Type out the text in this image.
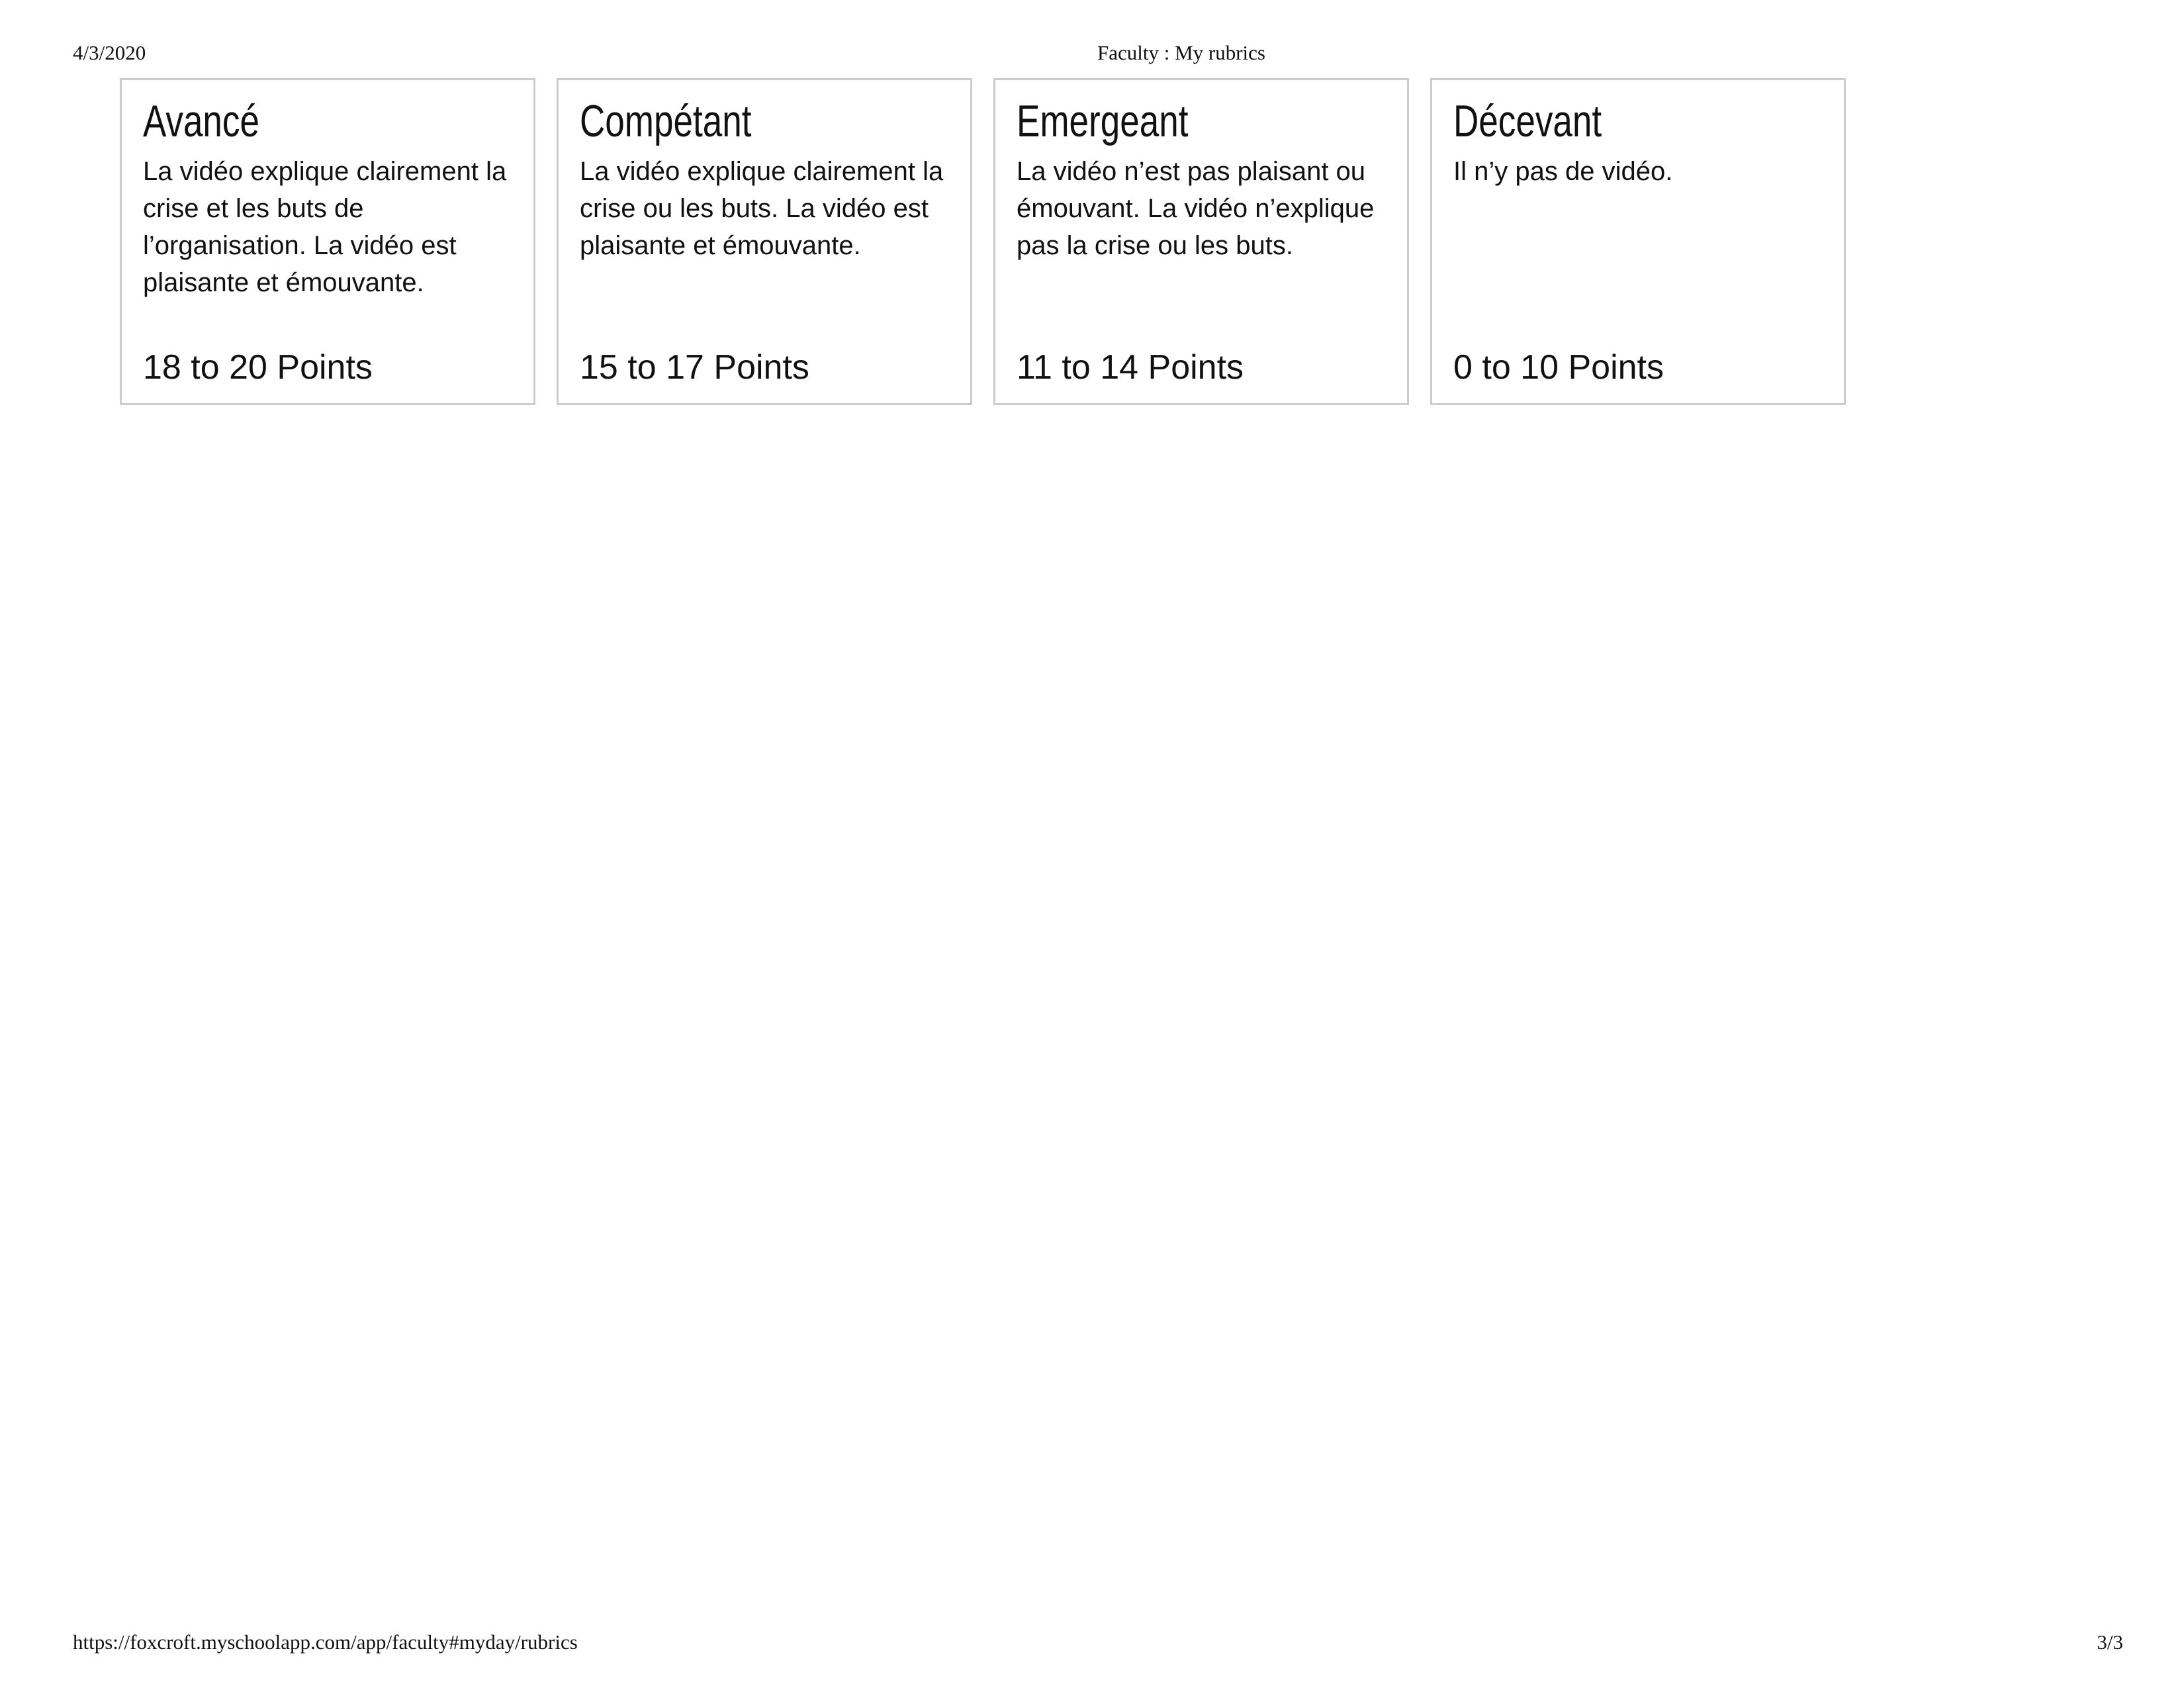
4/3/2020	Faculty : My rubrics
Avancé
La vidéo explique clairement la crise et les buts de l’organisation. La vidéo est plaisante et émouvante.
18 to 20 Points
Compétant
La vidéo explique clairement la crise ou les buts. La vidéo est plaisante et émouvante.
15 to 17 Points
Emergeant
La vidéo n’est pas plaisant ou émouvant. La vidéo n’explique pas la crise ou les buts.
11 to 14 Points
Décevant
Il n’y pas de vidéo.
0 to 10 Points
https://foxcroft.myschoolapp.com/app/faculty#myday/rubrics	3/3
